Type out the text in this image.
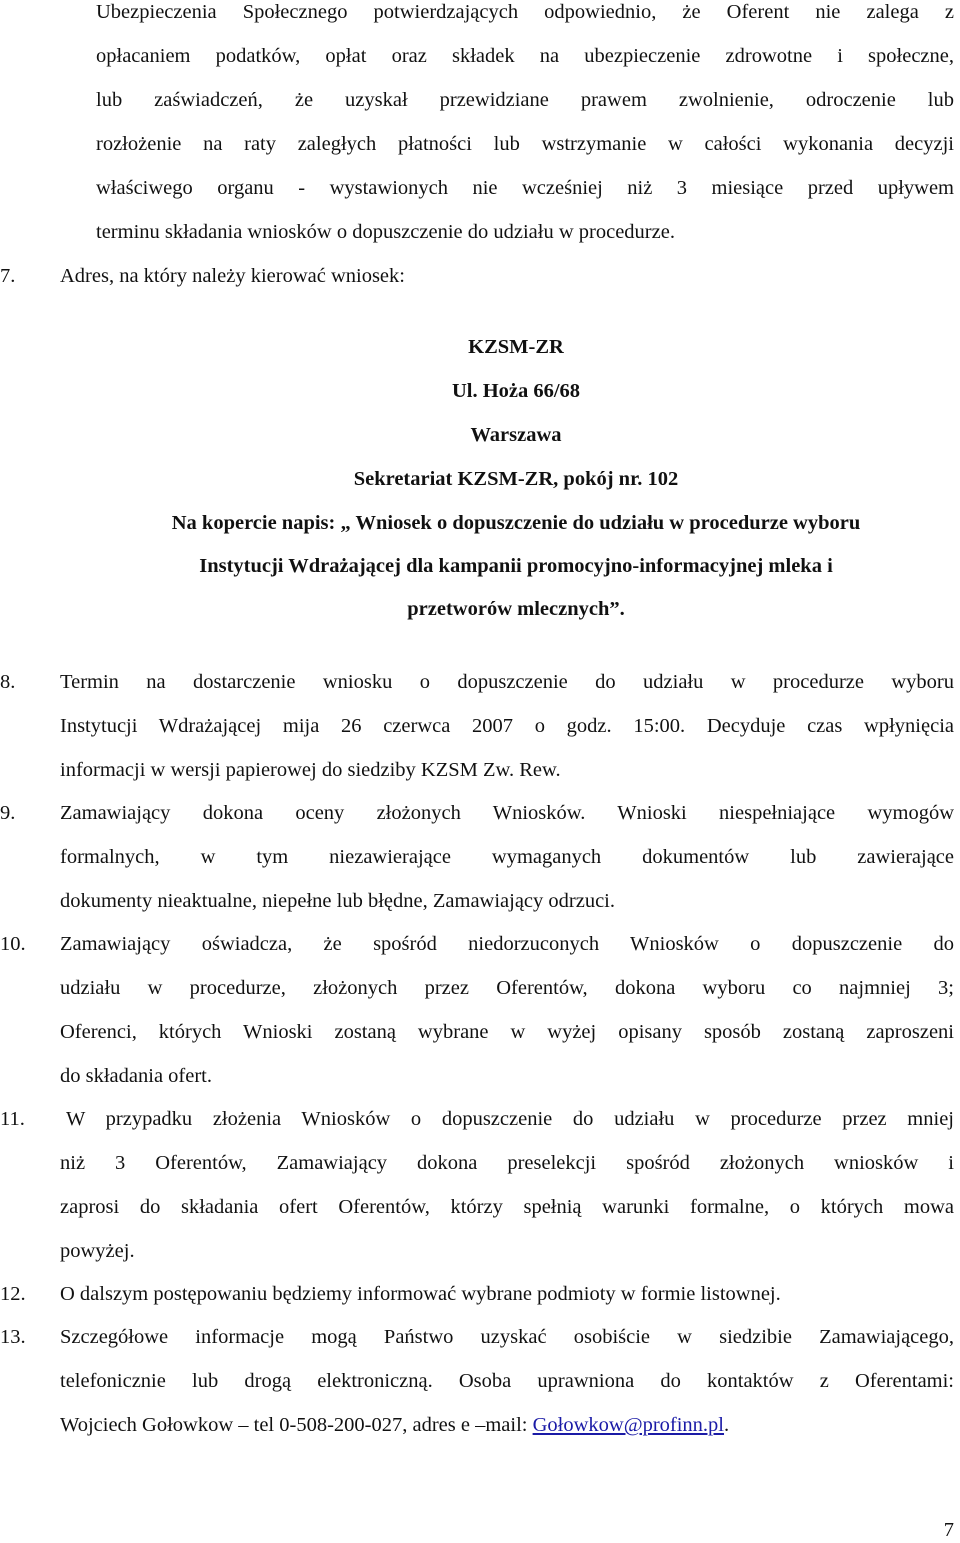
Ubezpieczenia Społecznego potwierdzających odpowiednio, że Oferent nie zalega z
opłacaniem podatków, opłat oraz składek na ubezpieczenie zdrowotne i społeczne,
lub zaświadczeń, że uzyskał przewidziane prawem zwolnienie, odroczenie lub
rozłożenie na raty zaległych płatności lub wstrzymanie w całości wykonania decyzji
właściwego organu - wystawionych nie wcześniej niż 3 miesiące przed upływem
terminu składania wniosków o dopuszczenie do udziału w procedurze.
7. Adres, na który należy kierować wniosek:
KZSM-ZR
Ul. Hoża 66/68
Warszawa
Sekretariat KZSM-ZR, pokój nr. 102
Na kopercie napis: „ Wniosek o dopuszczenie do udziału w procedurze wyboru
Instytucji Wdrażającej dla kampanii promocyjno-informacyjnej mleka i
przetworów mlecznych”.
8. Termin na dostarczenie wniosku o dopuszczenie do udziału w procedurze wyboru
Instytucji Wdrażającej mija 26 czerwca 2007 o godz. 15:00. Decyduje czas wpłynięcia
informacji w wersji papierowej do siedziby KZSM Zw. Rew.
9. Zamawiający dokona oceny złożonych Wniosków. Wnioski niespełniające wymogów
formalnych, w tym niezawierające wymaganych dokumentów lub zawierające
dokumenty nieaktualne, niepełne lub błędne, Zamawiający odrzuci.
10. Zamawiający oświadcza, że spośród niedorzuconych Wniosków o dopuszczenie do
udziału w procedurze, złożonych przez Oferentów, dokona wyboru co najmniej 3;
Oferenci, których Wnioski zostaną wybrane w wyżej opisany sposób zostaną zaproszeni
do składania ofert.
11. W przypadku złożenia Wniosków o dopuszczenie do udziału w procedurze przez mniej
niż 3 Oferentów, Zamawiający dokona preselekcji spośród złożonych wniosków i
zaprosi do składania ofert Oferentów, którzy spełnią warunki formalne, o których mowa
powyżej.
12. O dalszym postępowaniu będziemy informować wybrane podmioty w formie listownej.
13. Szczegółowe informacje mogą Państwo uzyskać osobiście w siedzibie Zamawiającego,
telefonicznie lub drogą elektroniczną. Osoba uprawniona do kontaktów z Oferentami:
Wojciech Gołowkow – tel 0-508-200-027, adres e –mail: Gołowkow@profinn.pl.
7
